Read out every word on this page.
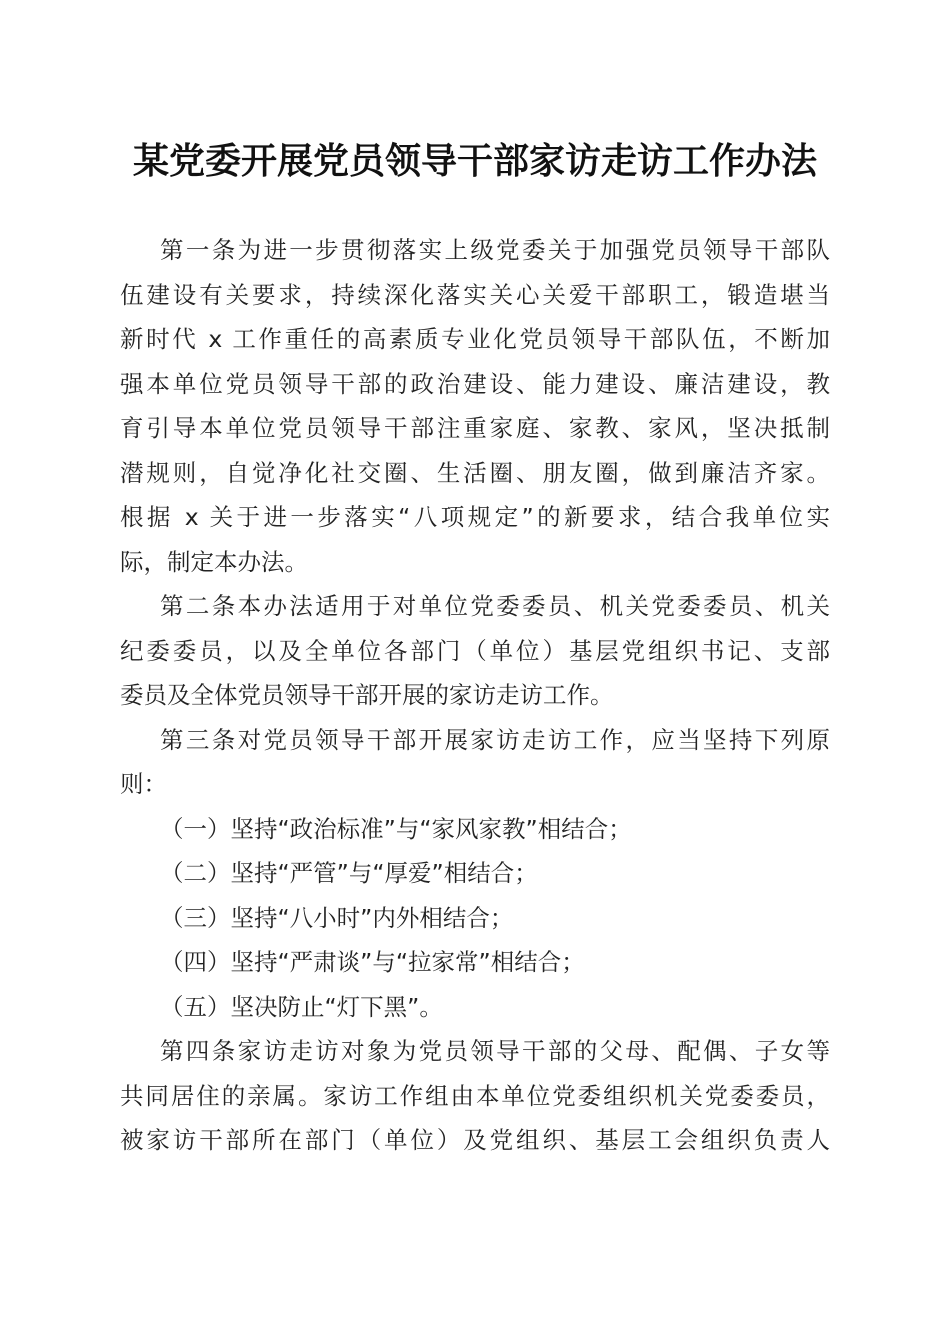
某党委开展党员领导干部家访走访工作办法
第一条为进一步贯彻落实上级党委关于加强党员领导干部队
伍建设有关要求，持续深化落实关心关爱干部职工，锻造堪当
新时代 x 工作重任的高素质专业化党员领导干部队伍，不断加
强本单位党员领导干部的政治建设、能力建设、廉洁建设，教
育引导本单位党员领导干部注重家庭、家教、家风，坚决抵制
潜规则，自觉净化社交圈、生活圈、朋友圈，做到廉洁齐家。
根据 x 关于进一步落实“八项规定”的新要求，结合我单位实
际，制定本办法。
第二条本办法适用于对单位党委委员、机关党委委员、机关
纪委委员，以及全单位各部门（单位）基层党组织书记、支部
委员及全体党员领导干部开展的家访走访工作。
第三条对党员领导干部开展家访走访工作，应当坚持下列原
则：
（一）坚持“政治标准”与“家风家教”相结合；
（二）坚持“严管”与“厚爱”相结合；
（三）坚持“八小时”内外相结合；
（四）坚持“严肃谈”与“拉家常”相结合；
（五）坚决防止“灯下黑”。
第四条家访走访对象为党员领导干部的父母、配偶、子女等
共同居住的亲属。家访工作组由本单位党委组织机关党委委员，
被家访干部所在部门（单位）及党组织、基层工会组织负责人
